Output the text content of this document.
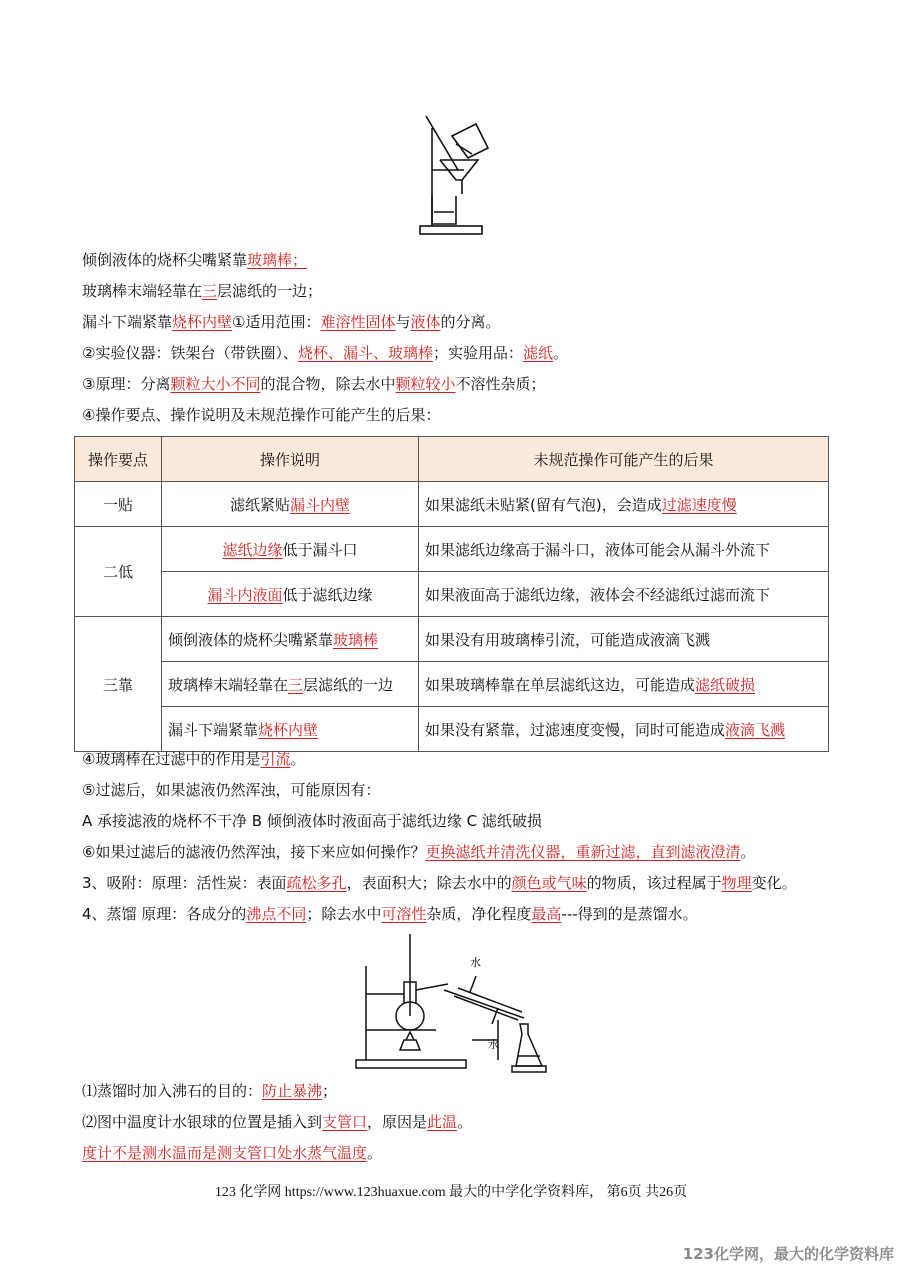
倾倒液体的烧杯尖嘴紧靠玻璃棒；
玻璃棒末端轻靠在三层滤纸的一边；
漏斗下端紧靠烧杯内壁①适用范围：难溶性固体与液体的分离。
②实验仪器：铁架台（带铁圈）、烧杯、漏斗、玻璃棒；实验用品：滤纸。
③原理：分离颗粒大小不同的混合物，除去水中颗粒较小不溶性杂质；
④操作要点、操作说明及未规范操作可能产生的后果：
操作要点	操作说明	未规范操作可能产生的后果
一贴	滤纸紧贴漏斗内壁	如果滤纸未贴紧(留有气泡)，会造成过滤速度慢
二低	滤纸边缘低于漏斗口	如果滤纸边缘高于漏斗口，液体可能会从漏斗外流下
	漏斗内液面低于滤纸边缘	如果液面高于滤纸边缘，液体会不经滤纸过滤而流下
三靠	倾倒液体的烧杯尖嘴紧靠玻璃棒	如果没有用玻璃棒引流，可能造成液滴飞溅
	玻璃棒末端轻靠在三层滤纸的一边	如果玻璃棒靠在单层滤纸这边，可能造成滤纸破损
	漏斗下端紧靠烧杯内壁	如果没有紧靠，过滤速度变慢，同时可能造成液滴飞溅
④玻璃棒在过滤中的作用是引流。
⑤过滤后，如果滤液仍然浑浊，可能原因有：
A 承接滤液的烧杯不干净 B 倾倒液体时液面高于滤纸边缘 C 滤纸破损
⑥如果过滤后的滤液仍然浑浊，接下来应如何操作？更换滤纸并清洗仪器，重新过滤，直到滤液澄清。
3、吸附：原理：活性炭：表面疏松多孔，表面积大；除去水中的颜色或气味的物质，该过程属于物理变化。
4、蒸馏 原理：各成分的沸点不同；除去水中可溶性杂质，净化程度最高---得到的是蒸馏水。
水
水
⑴蒸馏时加入沸石的目的：防止暴沸；
⑵图中温度计水银球的位置是插入到支管口，原因是此温。
度计不是测水温而是测支管口处水蒸气温度。
123 化学网 https://www.123huaxue.com 最大的中学化学资料库， 第6页 共26页
123化学网，最大的化学资料库
